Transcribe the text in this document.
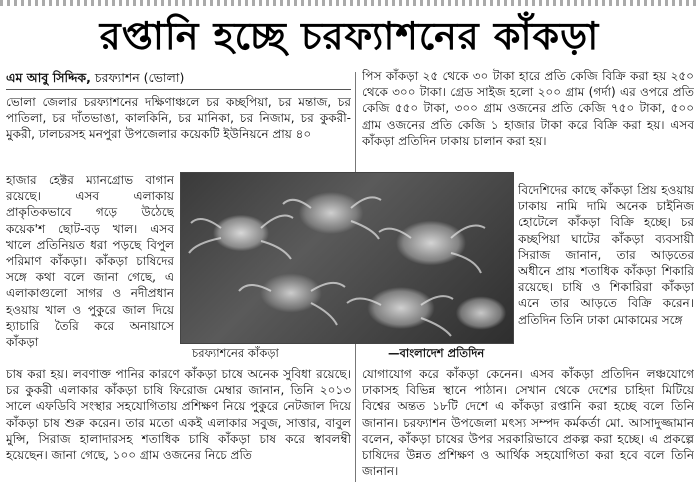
রপ্তানি হচ্ছে চরফ্যাশনের কাঁকড়া
এম আবু সিদ্দিক, চরফ্যাশন (ভোলা)

ভোলা জেলার চরফ্যাশনের দক্ষিণাঞ্চলে চর কচ্ছপিয়া, চর মন্তাজ, চর পাতিলা, চর দাঁতভাঙা, কালকিনি, চর মানিকা, চর নিজাম, চর কুকরী-মুকরী, ঢালচরসহ মনপুরা উপজেলার কয়েকটি ইউনিয়নে প্রায় ৪০

হাজার হেক্টর ম্যানগ্রোভ বাগান রয়েছে। এসব এলাকায় প্রাকৃতিকভাবে গড়ে উঠেছে কয়েক'শ ছোট-বড় খাল। এসব খালে প্রতিনিয়ত ধরা পড়ছে বিপুল পরিমাণ কাঁকড়া। কাঁকড়া চাষিদের সঙ্গে কথা বলে জানা গেছে, এ এলাকাগুলো সাগর ও নদীপ্রধান হওয়ায় খাল ও পুকুরে জাল দিয়ে হ্যাচারি তৈরি করে অনায়াসে কাঁকড়া

চরফ্যাশনের কাঁকড়া	—বাংলাদেশ প্রতিদিন

চাষ করা হয়। লবণাক্ত পানির কারণে কাঁকড়া চাষে অনেক সুবিধা রয়েছে। চর কুকরী এলাকার কাঁকড়া চাষি ফিরোজ মেম্বার জানান, তিনি ২০১৩ সালে এফডিবি সংস্থার সহযোগিতায় প্রশিক্ষণ নিয়ে পুকুরে নেটজাল দিয়ে কাঁকড়া চাষ শুরু করেন। তার মতো একই এলাকার সবুজ, সাত্তার, বাবুল মুন্সি, সিরাজ হালাদারসহ শতাধিক চাষি কাঁকড়া চাষ করে স্বাবলম্বী হয়েছেন। জানা গেছে, ১০০ গ্রাম ওজনের নিচে প্রতি

পিস কাঁকড়া ২৫ থেকে ৩০ টাকা হারে প্রতি কেজি বিক্রি করা হয় ২৫০ থেকে ৩০০ টাকা। গ্রেড সাইজ হলো ২০০ গ্রাম (গর্দা) এর ওপরে প্রতি কেজি ৫৫০ টাকা, ৩০০ গ্রাম ওজনের প্রতি কেজি ৭৫০ টাকা, ৫০০ গ্রাম ওজনের প্রতি কেজি ১ হাজার টাকা করে বিক্রি করা হয়। এসব কাঁকড়া প্রতিদিন ঢাকায় চালান করা হয়।

বিদেশিদের কাছে কাঁকড়া প্রিয় হওয়ায় ঢাকায় নামি দামি অনেক চাইনিজ হোটেলে কাঁকড়া বিক্রি হচ্ছে। চর কচ্ছপিয়া ঘাটের কাঁকড়া ব্যবসায়ী সিরাজ জানান, তার আড়তের অধীনে প্রায় শতাধিক কাঁকড়া শিকারি রয়েছে। চাষি ও শিকারিরা কাঁকড়া এনে তার আড়তে বিক্রি করেন। প্রতিদিন তিনি ঢাকা মোকামের সঙ্গে

যোগাযোগ করে কাঁকড়া কেনেন। এসব কাঁকড়া প্রতিদিন লঞ্চযোগে ঢাকাসহ বিভিন্ন স্থানে পাঠান। সেখান থেকে দেশের চাহিদা মিটিয়ে বিশ্বের অন্তত ১৮টি দেশে এ কাঁকড়া রপ্তানি করা হচ্ছে বলে তিনি জানান। চরফ্যাশন উপজেলা মৎস্য সম্পদ কর্মকর্তা মো. আসাদুজ্জামান বলেন, কাঁকড়া চাষের উপর সরকারিভাবে প্রকল্প করা হচ্ছে। এ প্রকল্পে চাষিদের উন্নত প্রশিক্ষণ ও আর্থিক সহযোগিতা করা হবে বলে তিনি জানান।
